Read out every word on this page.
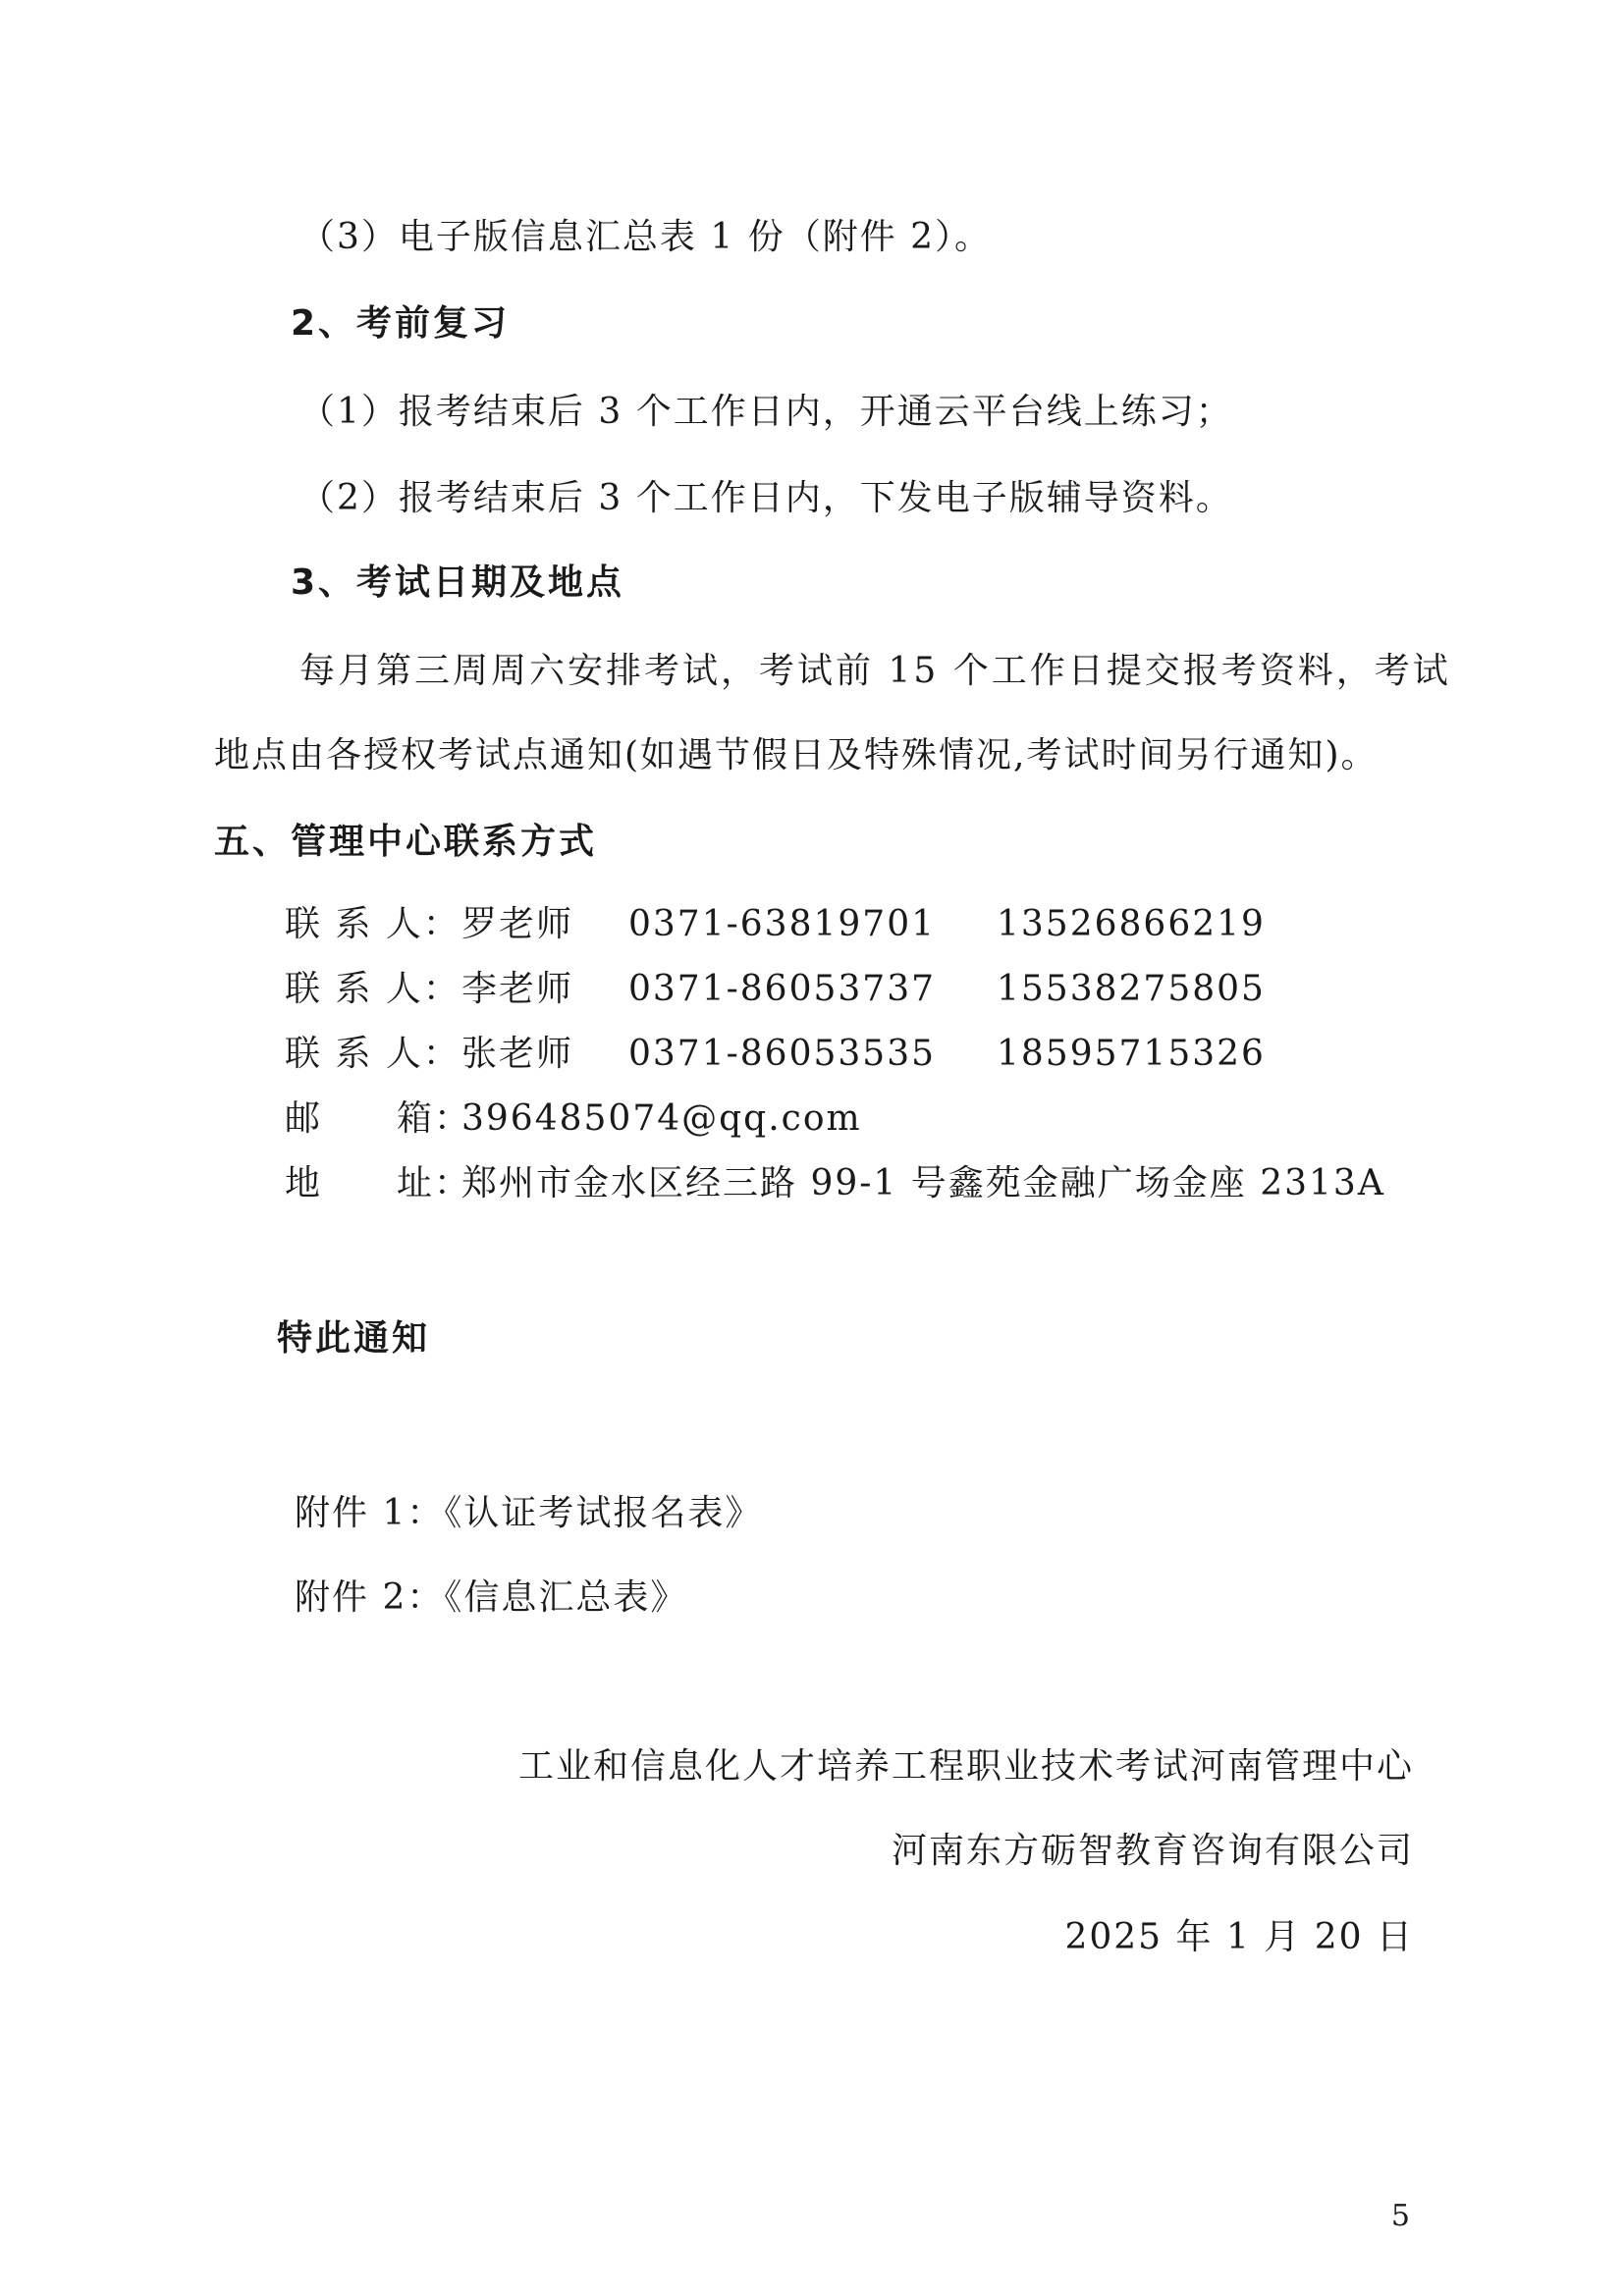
（3）电子版信息汇总表 1 份（附件 2）。
2、考前复习
（1）报考结束后 3 个工作日内，开通云平台线上练习；
（2）报考结束后 3 个工作日内，下发电子版辅导资料。
3、考试日期及地点
每月第三周周六安排考试，考试前 15 个工作日提交报考资料，考试
地点由各授权考试点通知(如遇节假日及特殊情况,考试时间另行通知)。
五、管理中心联系方式
联 系 人： 罗老师 0371-63819701 13526866219
联 系 人： 李老师 0371-86053737 15538275805
联 系 人： 张老师 0371-86053535 18595715326
邮　　箱：
396485074@qq.com
地　　址：
郑州市金水区经三路 99-1 号鑫苑金融广场金座 2313A
特此通知
附件 1：《认证考试报名表》
附件 2：《信息汇总表》
工业和信息化人才培养工程职业技术考试河南管理中心
河南东方砺智教育咨询有限公司
2025 年 1 月 20 日
5
